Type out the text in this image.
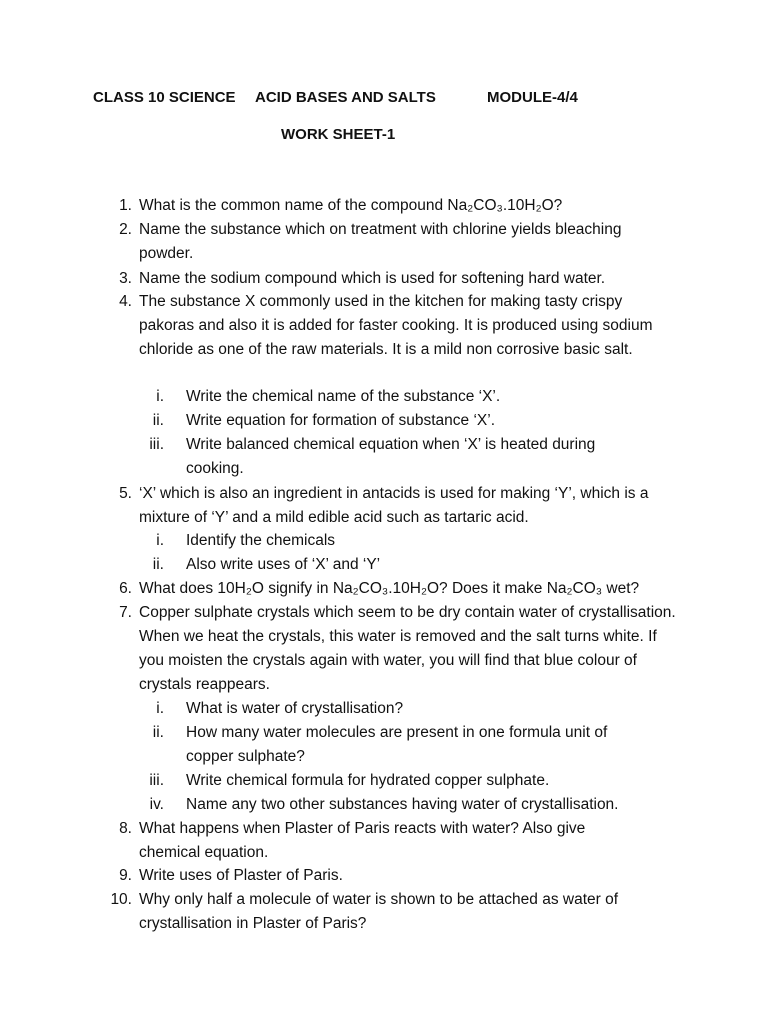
CLASS 10 SCIENCE ACID BASES AND SALTS	MODULE-4/4
WORK SHEET-1
1. What is the common name of the compound Na₂CO₃.10H₂O?
2. Name the substance which on treatment with chlorine yields bleaching powder.
3. Name the sodium compound which is used for softening hard water.
4. The substance X commonly used in the kitchen for making tasty crispy pakoras and also it is added for faster cooking. It is produced using sodium chloride as one of the raw materials. It is a mild non corrosive basic salt.
i. Write the chemical name of the substance ‘X’.
ii. Write equation for formation of substance ‘X’.
iii. Write balanced chemical equation when ‘X’ is heated during cooking.
5. ‘X’ which is also an ingredient in antacids is used for making ‘Y’, which is a mixture of ‘Y’ and a mild edible acid such as tartaric acid.
i. Identify the chemicals
ii. Also write uses of ‘X’ and ‘Y’
6. What does 10H₂O signify in Na₂CO₃.10H₂O? Does it make Na₂CO₃ wet?
7. Copper sulphate crystals which seem to be dry contain water of crystallisation. When we heat the crystals, this water is removed and the salt turns white. If you moisten the crystals again with water, you will find that blue colour of crystals reappears.
i. What is water of crystallisation?
ii. How many water molecules are present in one formula unit of copper sulphate?
iii. Write chemical formula for hydrated copper sulphate.
iv. Name any two other substances having water of crystallisation.
8. What happens when Plaster of Paris reacts with water? Also give chemical equation.
9. Write uses of Plaster of Paris.
10. Why only half a molecule of water is shown to be attached as water of crystallisation in Plaster of Paris?
